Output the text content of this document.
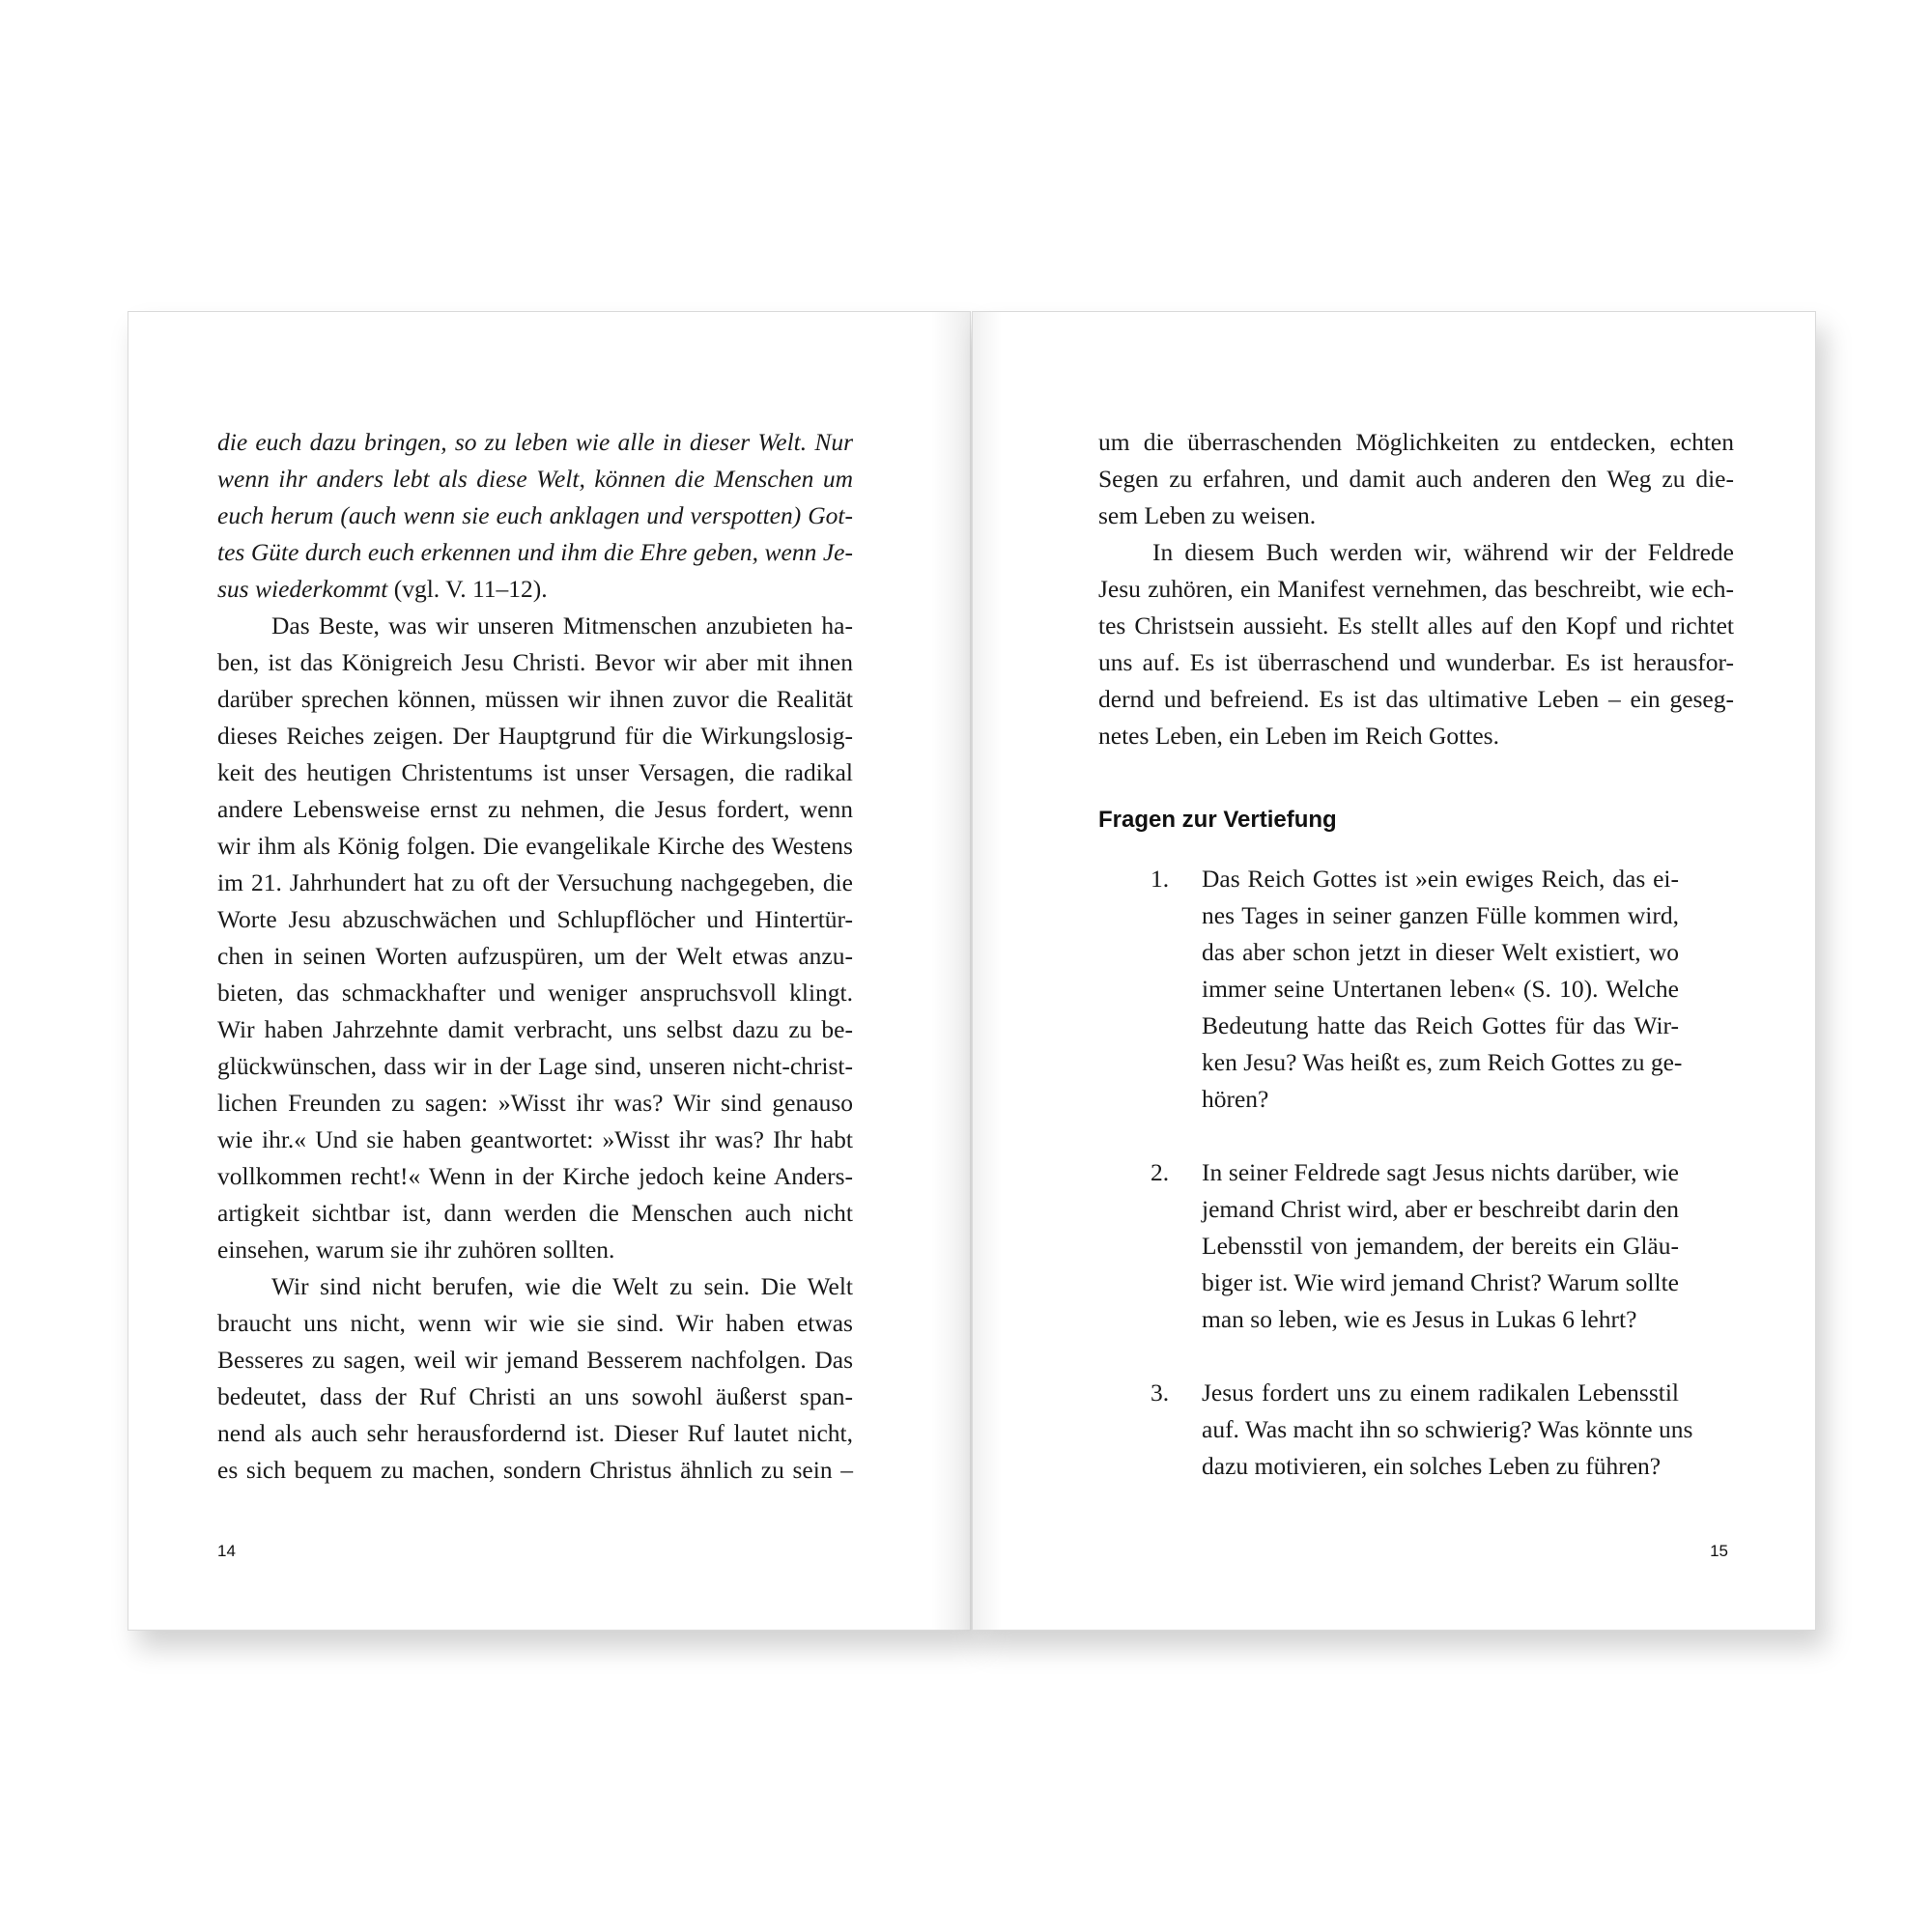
die euch dazu bringen, so zu leben wie alle in dieser Welt. Nur
wenn ihr anders lebt als diese Welt, können die Menschen um
euch herum (auch wenn sie euch anklagen und verspotten) Got-
tes Güte durch euch erkennen und ihm die Ehre geben, wenn Je-
sus wiederkommt (vgl. V. 11–12).
Das Beste, was wir unseren Mitmenschen anzubieten ha-
ben, ist das Königreich Jesu Christi. Bevor wir aber mit ihnen
darüber sprechen können, müssen wir ihnen zuvor die Realität
dieses Reiches zeigen. Der Hauptgrund für die Wirkungslosig-
keit des heutigen Christentums ist unser Versagen, die radikal
andere Lebensweise ernst zu nehmen, die Jesus fordert, wenn
wir ihm als König folgen. Die evangelikale Kirche des Westens
im 21. Jahrhundert hat zu oft der Versuchung nachgegeben, die
Worte Jesu abzuschwächen und Schlupflöcher und Hintertür-
chen in seinen Worten aufzuspüren, um der Welt etwas anzu-
bieten, das schmackhafter und weniger anspruchsvoll klingt.
Wir haben Jahrzehnte damit verbracht, uns selbst dazu zu be-
glückwünschen, dass wir in der Lage sind, unseren nicht-christ-
lichen Freunden zu sagen: »Wisst ihr was? Wir sind genauso
wie ihr.« Und sie haben geantwortet: »Wisst ihr was? Ihr habt
vollkommen recht!« Wenn in der Kirche jedoch keine Anders-
artigkeit sichtbar ist, dann werden die Menschen auch nicht
einsehen, warum sie ihr zuhören sollten.
Wir sind nicht berufen, wie die Welt zu sein. Die Welt
braucht uns nicht, wenn wir wie sie sind. Wir haben etwas
Besseres zu sagen, weil wir jemand Besserem nachfolgen. Das
bedeutet, dass der Ruf Christi an uns sowohl äußerst span-
nend als auch sehr herausfordernd ist. Dieser Ruf lautet nicht,
es sich bequem zu machen, sondern Christus ähnlich zu sein –
14
um die überraschenden Möglichkeiten zu entdecken, echten
Segen zu erfahren, und damit auch anderen den Weg zu die-
sem Leben zu weisen.
In diesem Buch werden wir, während wir der Feldrede
Jesu zuhören, ein Manifest vernehmen, das beschreibt, wie ech-
tes Christsein aussieht. Es stellt alles auf den Kopf und richtet
uns auf. Es ist überraschend und wunderbar. Es ist herausfor-
dernd und befreiend. Es ist das ultimative Leben – ein geseg-
netes Leben, ein Leben im Reich Gottes.
Fragen zur Vertiefung
1. Das Reich Gottes ist »ein ewiges Reich, das ei-
nes Tages in seiner ganzen Fülle kommen wird,
das aber schon jetzt in dieser Welt existiert, wo
immer seine Untertanen leben« (S. 10). Welche
Bedeutung hatte das Reich Gottes für das Wir-
ken Jesu? Was heißt es, zum Reich Gottes zu ge-
hören?
2. In seiner Feldrede sagt Jesus nichts darüber, wie
jemand Christ wird, aber er beschreibt darin den
Lebensstil von jemandem, der bereits ein Gläu-
biger ist. Wie wird jemand Christ? Warum sollte
man so leben, wie es Jesus in Lukas 6 lehrt?
3. Jesus fordert uns zu einem radikalen Lebensstil
auf. Was macht ihn so schwierig? Was könnte uns
dazu motivieren, ein solches Leben zu führen?
15
